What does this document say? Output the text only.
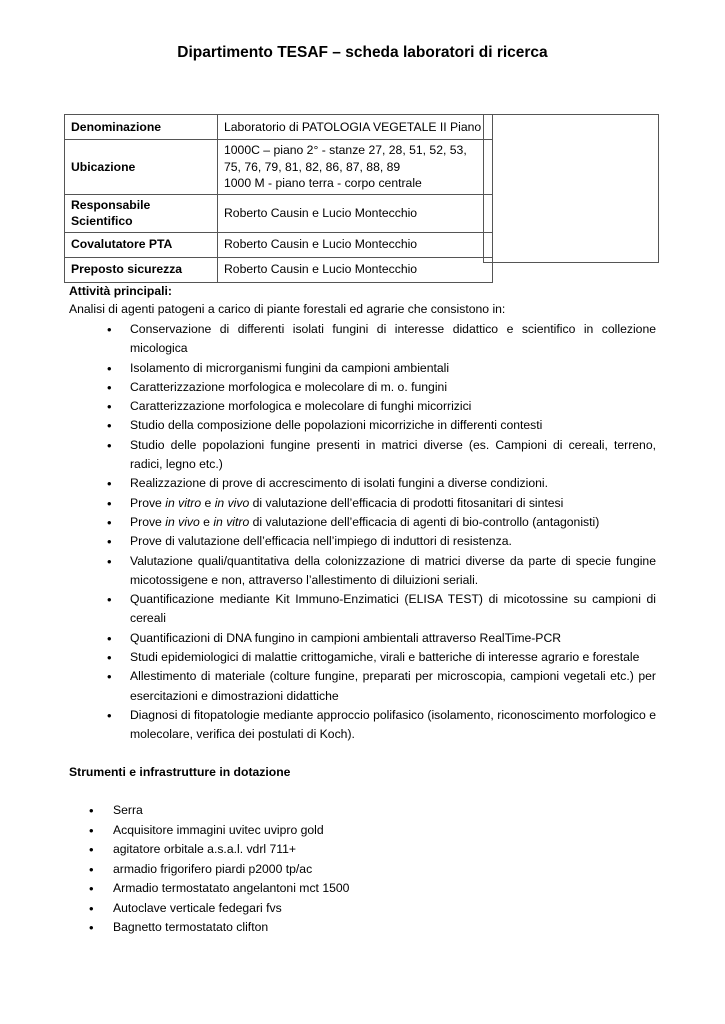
Dipartimento TESAF – scheda laboratori di ricerca
Denominazione	Laboratorio di PATOLOGIA VEGETALE II Piano
Ubicazione	1000C – piano 2° - stanze 27, 28, 51, 52, 53,
75, 76, 79, 81, 82, 86, 87, 88, 89
1000 M - piano terra - corpo centrale

Responsabile Scientifico	Roberto Causin e Lucio Montecchio
Covalutatore PTA	Roberto Causin e Lucio Montecchio
Preposto sicurezza	Roberto Causin e Lucio Montecchio
Attività principali:
Analisi di agenti patogeni a carico di piante forestali ed agrarie che consistono in:
• Conservazione di differenti isolati fungini di interesse didattico e scientifico in collezione micologica
• Isolamento di microrganismi fungini da campioni ambientali
• Caratterizzazione morfologica e molecolare di m. o. fungini
• Caratterizzazione morfologica e molecolare di funghi micorrizici
• Studio della composizione delle popolazioni micorriziche in differenti contesti
• Studio delle popolazioni fungine presenti in matrici diverse (es. Campioni di cereali, terreno, radici, legno etc.)
• Realizzazione di prove di accrescimento di isolati fungini a diverse condizioni.
• Prove in vitro e in vivo di valutazione dell’efficacia di prodotti fitosanitari di sintesi
• Prove in vivo e in vitro di valutazione dell’efficacia di agenti di bio-controllo (antagonisti)
• Prove di valutazione dell’efficacia nell’impiego di induttori di resistenza.
• Valutazione quali/quantitativa della colonizzazione di matrici diverse da parte di specie fungine micotossigene e non, attraverso l’allestimento di diluizioni seriali.
• Quantificazione mediante Kit Immuno-Enzimatici (ELISA TEST) di micotossine su campioni di cereali
• Quantificazioni di DNA fungino in campioni ambientali attraverso RealTime-PCR
• Studi epidemiologici di malattie crittogamiche, virali e batteriche di interesse agrario e forestale
• Allestimento di materiale (colture fungine, preparati per microscopia, campioni vegetali etc.) per esercitazioni e dimostrazioni didattiche
• Diagnosi di fitopatologie mediante approccio polifasico (isolamento, riconoscimento morfologico e molecolare, verifica dei postulati di Koch).
Strumenti e infrastrutture in dotazione
• Serra
• Acquisitore immagini uvitec uvipro gold
• agitatore orbitale a.s.a.l. vdrl 711+
• armadio frigorifero piardi p2000 tp/ac
• Armadio termostatato angelantoni mct 1500
• Autoclave verticale fedegari fvs
• Bagnetto termostatato clifton
